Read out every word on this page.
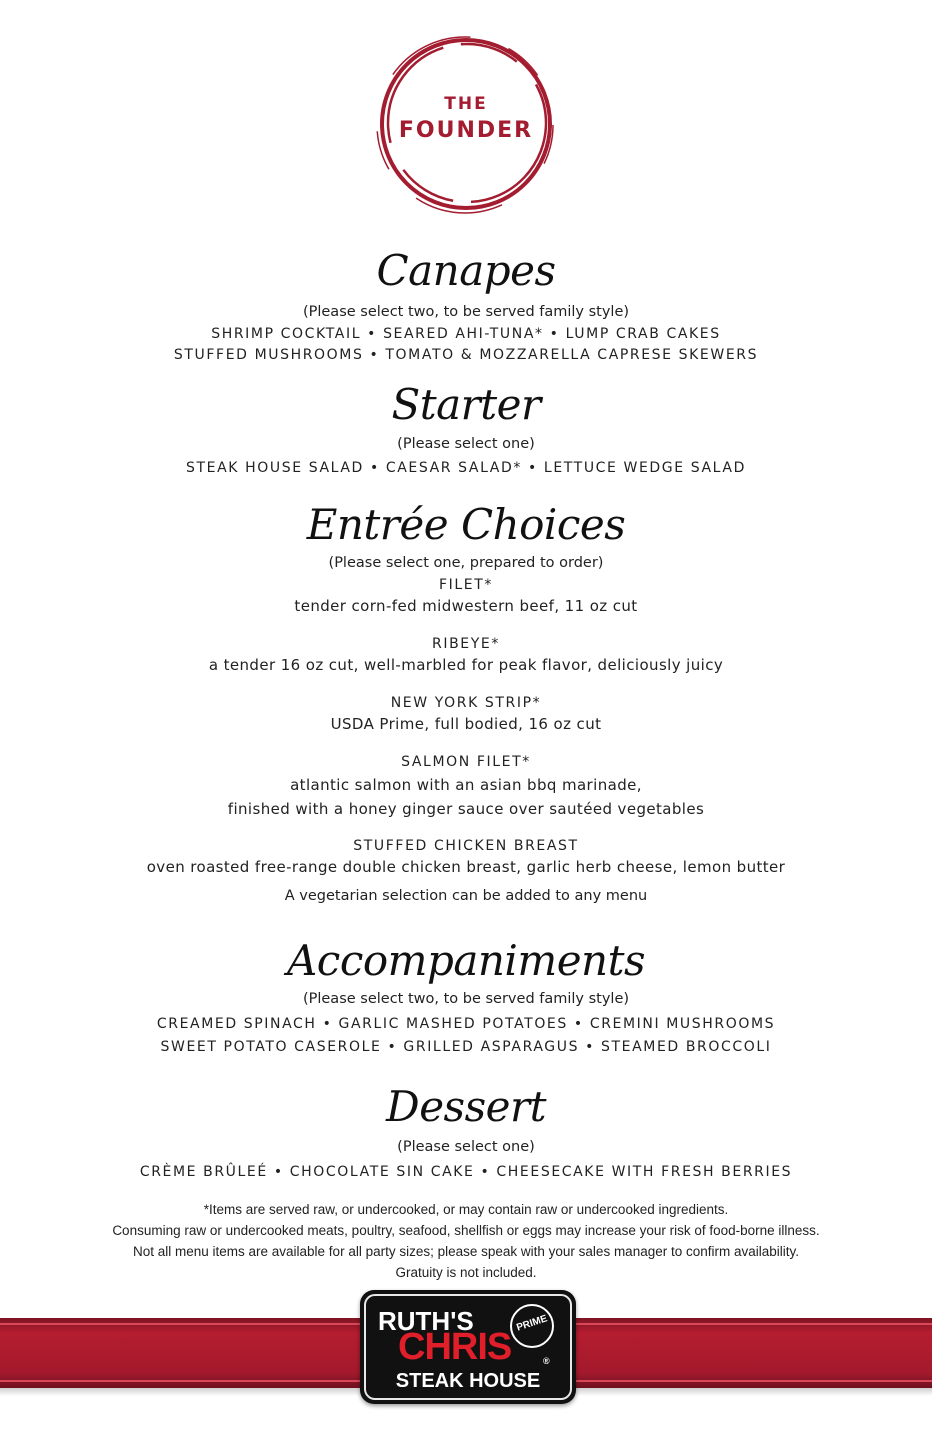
THE
FOUNDER
Canapes
(Please select two, to be served family style)
SHRIMP COCKTAIL • SEARED AHI-TUNA* • LUMP CRAB CAKES
STUFFED MUSHROOMS • TOMATO & MOZZARELLA CAPRESE SKEWERS
Starter
(Please select one)
STEAK HOUSE SALAD • CAESAR SALAD* • LETTUCE WEDGE SALAD
Entrée Choices
(Please select one, prepared to order)
FILET*
tender corn-fed midwestern beef, 11 oz cut
RIBEYE*
a tender 16 oz cut, well-marbled for peak flavor, deliciously juicy
NEW YORK STRIP*
USDA Prime, full bodied, 16 oz cut
SALMON FILET*
atlantic salmon with an asian bbq marinade,
finished with a honey ginger sauce over sautéed vegetables
STUFFED CHICKEN BREAST
oven roasted free-range double chicken breast, garlic herb cheese, lemon butter
A vegetarian selection can be added to any menu
Accompaniments
(Please select two, to be served family style)
CREAMED SPINACH • GARLIC MASHED POTATOES • CREMINI MUSHROOMS
SWEET POTATO CASEROLE • GRILLED ASPARAGUS • STEAMED BROCCOLI
Dessert
(Please select one)
CRÈME BRÛLEÉ • CHOCOLATE SIN CAKE • CHEESECAKE WITH FRESH BERRIES
*Items are served raw, or undercooked, or may contain raw or undercooked ingredients.
Consuming raw or undercooked meats, poultry, seafood, shellfish or eggs may increase your risk of food-borne illness.
Not all menu items are available for all party sizes; please speak with your sales manager to confirm availability.
Gratuity is not included.
RUTH'S	PRIME
CHRIS	®
STEAK HOUSE
